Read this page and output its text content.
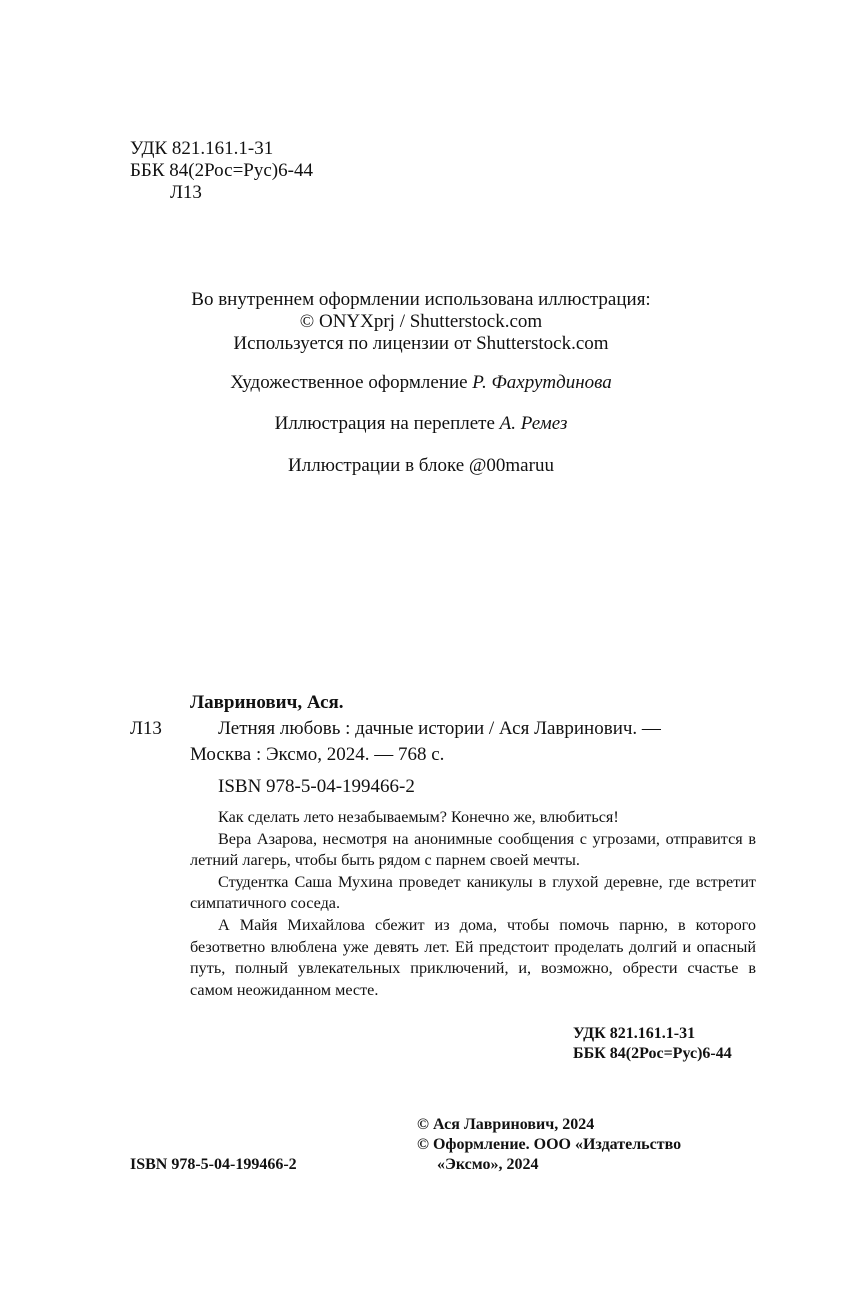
УДК 821.161.1-31
ББК 84(2Рос=Рус)6-44
Л13
Во внутреннем оформлении использована иллюстрация:
© ONYXprj / Shutterstock.com
Используется по лицензии от Shutterstock.com
Художественное оформление Р. Фахрутдинова
Иллюстрация на переплете А. Ремез
Иллюстрации в блоке @00maruu
Лавринович, Ася.
Л13	Летняя любовь : дачные истории / Ася Лавринович. —
Москва : Эксмо, 2024. — 768 с.
ISBN 978-5-04-199466-2

Как сделать лето незабываемым? Конечно же, влюбиться!

Вера Азарова, несмотря на анонимные сообщения с угрозами, отправится в летний лагерь, чтобы быть рядом с парнем своей мечты.

Студентка Саша Мухина проведет каникулы в глухой деревне, где встретит симпатичного соседа.

А Майя Михайлова сбежит из дома, чтобы помочь парню, в которого безответно влюблена уже девять лет. Ей предстоит проделать долгий и опасный путь, полный увлекательных приключений, и, возможно, обрести счастье в самом неожиданном месте.

УДК 821.161.1-31
ББК 84(2Рос=Рус)6-44
ISBN 978-5-04-199466-2
© Ася Лавринович, 2024
© Оформление. ООО «Издательство
«Эксмо», 2024
